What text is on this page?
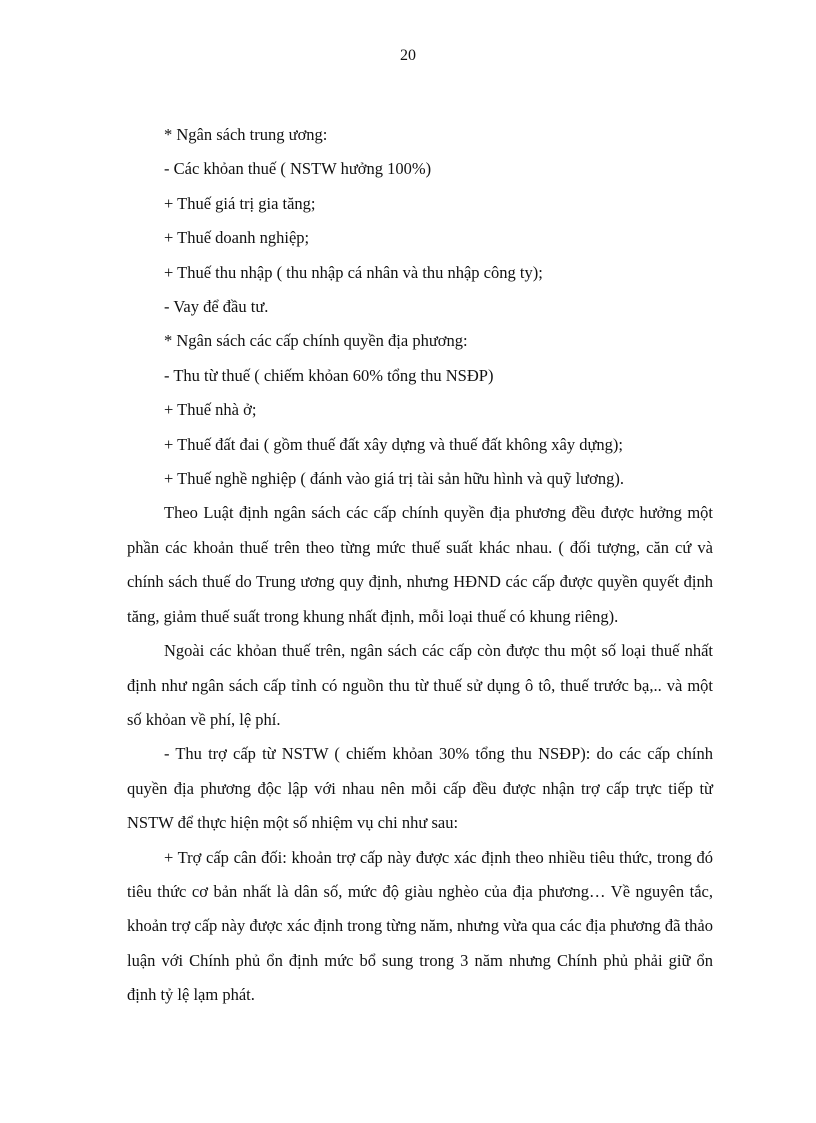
20

* Ngân sách trung ương:

- Các khỏan thuế ( NSTW hưởng 100%)

+ Thuế giá trị gia tăng;

+ Thuế doanh nghiệp;

+ Thuế thu nhập ( thu nhập cá nhân và thu nhập công ty);

- Vay để đầu tư.

* Ngân sách các cấp chính quyền địa phương:

- Thu từ thuế ( chiếm khỏan 60% tổng thu NSĐP)

+ Thuế nhà ở;

+ Thuế đất đai ( gồm thuế đất xây dựng và thuế đất không xây dựng);

+ Thuế nghề nghiệp ( đánh vào giá trị tài sản hữu hình và quỹ lương).

Theo Luật định ngân sách các cấp chính quyền địa phương đều được hưởng một phần các khoản thuế trên theo từng mức thuế suất khác nhau. ( đối tượng, căn cứ và chính sách thuế do Trung ương quy định, nhưng HĐND các cấp được quyền quyết định tăng, giảm thuế suất trong khung nhất định, mỗi loại thuế có khung riêng).

Ngoài các khỏan thuế trên, ngân sách các cấp còn được thu một số loại thuế nhất định như ngân sách cấp tỉnh có nguồn thu từ thuế sử dụng ô tô, thuế trước bạ,.. và một số khỏan về phí, lệ phí.

- Thu trợ cấp từ NSTW ( chiếm khỏan 30% tổng thu NSĐP): do các cấp chính quyền địa phương độc lập với nhau nên mỗi cấp đều được nhận trợ cấp trực tiếp từ NSTW để thực hiện một số nhiệm vụ chi như sau:

+ Trợ cấp cân đối: khoản trợ cấp này được xác định theo nhiều tiêu thức, trong đó tiêu thức cơ bản nhất là dân số, mức độ giàu nghèo của địa phương… Về nguyên tắc, khoản trợ cấp này được xác định trong từng năm, nhưng vừa qua các địa phương đã thảo luận với Chính phủ ổn định mức bổ sung trong 3 năm nhưng Chính phủ phải giữ ổn định tỷ lệ lạm phát.
